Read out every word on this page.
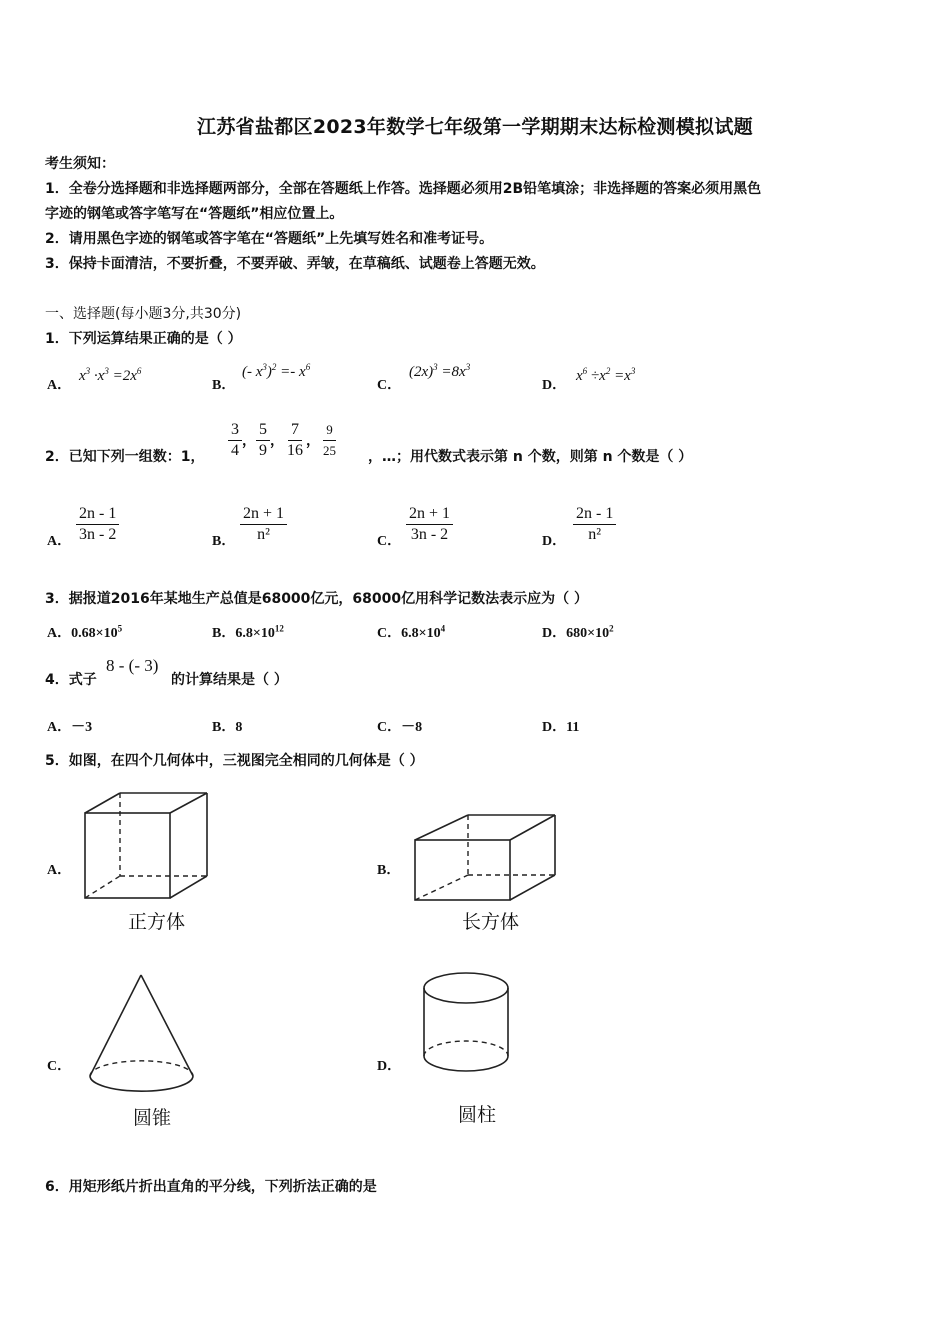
江苏省盐都区2023年数学七年级第一学期期末达标检测模拟试题
考生须知：
1．全卷分选择题和非选择题两部分，全部在答题纸上作答。选择题必须用2B铅笔填涂；非选择题的答案必须用黑色
字迹的钢笔或答字笔写在“答题纸”相应位置上。
2．请用黑色字迹的钢笔或答字笔在“答题纸”上先填写姓名和准考证号。
3．保持卡面清洁，不要折叠，不要弄破、弄皱，在草稿纸、试题卷上答题无效。
一、选择题(每小题3分,共30分)
1．下列运算结果正确的是（ ）
A．
$x^3 \cdot x^3 =2x^6$
B．
(- $x^3)^2 =- x^6$
C．
$(2x)^3 =8x^3$
D．
$x^6 \div x^2 =x^3$
2．已知下列一组数：1， $\frac{3}{4}$ ， $\frac{5}{9}$ ， $\frac{7}{16}$ ， $\frac{9}{25}$ ，…；用代数式表示第 n 个数，则第 n 个数是（ ）
A． $\frac{2n - 1}{3n - 2}$	B． $\frac{2n + 1}{\text{n²}}$	C． $\frac{2n + 1}{3n - 2}$	D． $\frac{2n - 1}{\text{n²}}$
3．据报道2016年某地生产总值是68000亿元，68000亿用科学记数法表示应为（ ）
A．$0.68\times 10^5$	B．$6.8\times 10^{12}$	C．$6.8\times 10^4$	D．$680\times 10^2$
4．式子
8 - (- 3)
的计算结果是（ ）
A．－3	B．8	C．－8	D．11
5．如图，在四个几何体中，三视图完全相同的几何体是（ ）
A．
正方体
B．
长方体
C．
圆锥
D．
圆柱
6．用矩形纸片折出直角的平分线，下列折法正确的是
